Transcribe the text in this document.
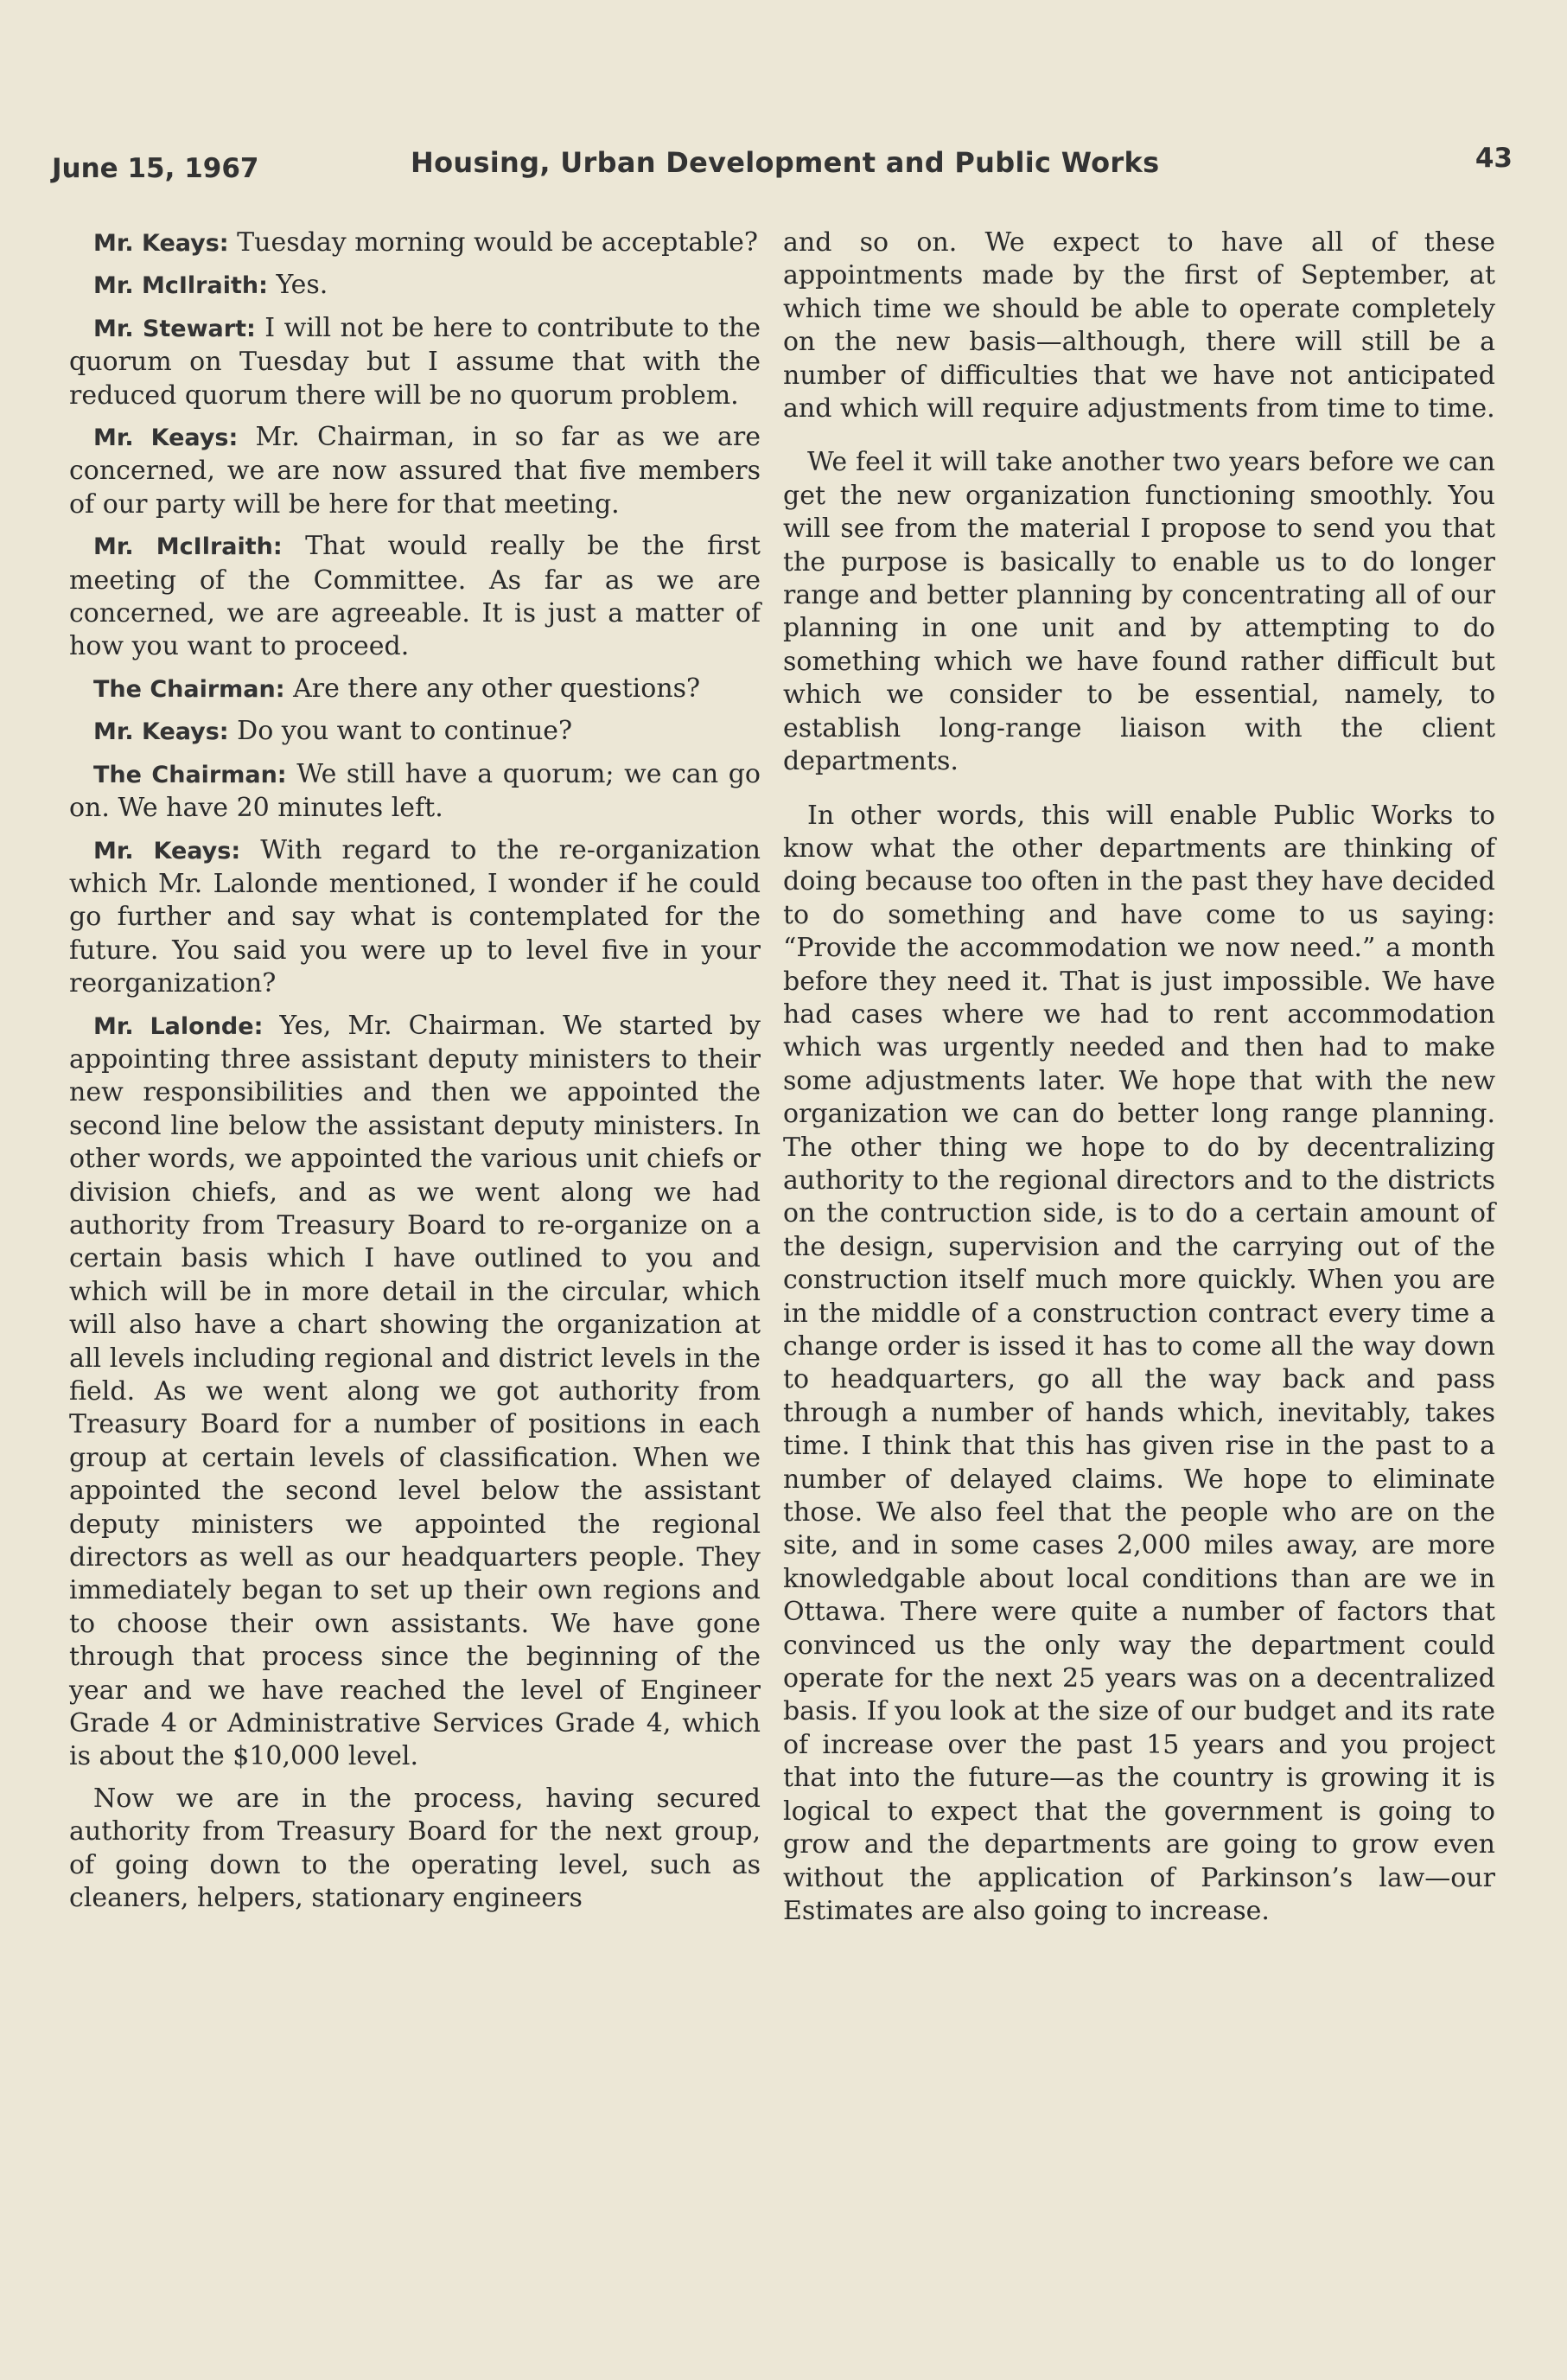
June 15, 1967	Housing, Urban Development and Public Works	43

Mr. Keays: Tuesday morning would be acceptable?

Mr. McIlraith: Yes.

Mr. Stewart: I will not be here to contribute to the quorum on Tuesday but I assume that with the reduced quorum there will be no quorum problem.

Mr. Keays: Mr. Chairman, in so far as we are concerned, we are now assured that five members of our party will be here for that meeting.

Mr. McIlraith: That would really be the first meeting of the Committee. As far as we are concerned, we are agreeable. It is just a matter of how you want to proceed.

The Chairman: Are there any other questions?

Mr. Keays: Do you want to continue?

The Chairman: We still have a quorum; we can go on. We have 20 minutes left.

Mr. Keays: With regard to the re-organization which Mr. Lalonde mentioned, I wonder if he could go further and say what is contemplated for the future. You said you were up to level five in your reorganization?

Mr. Lalonde: Yes, Mr. Chairman. We started by appointing three assistant deputy ministers to their new responsibilities and then we appointed the second line below the assistant deputy ministers. In other words, we appointed the various unit chiefs or division chiefs, and as we went along we had authority from Treasury Board to re-organize on a certain basis which I have outlined to you and which will be in more detail in the circular, which will also have a chart showing the organization at all levels including regional and district levels in the field. As we went along we got authority from Treasury Board for a number of positions in each group at certain levels of classification. When we appointed the second level below the assistant deputy ministers we appointed the regional directors as well as our headquarters people. They immediately began to set up their own regions and to choose their own assistants. We have gone through that process since the beginning of the year and we have reached the level of Engineer Grade 4 or Administrative Services Grade 4, which is about the $10,000 level.

Now we are in the process, having secured authority from Treasury Board for the next group, of going down to the operating level, such as cleaners, helpers, stationary engineers

and so on. We expect to have all of these appointments made by the first of September, at which time we should be able to operate completely on the new basis—although, there will still be a number of difficulties that we have not anticipated and which will require adjustments from time to time.

We feel it will take another two years before we can get the new organization functioning smoothly. You will see from the material I propose to send you that the purpose is basically to enable us to do longer range and better planning by concentrating all of our planning in one unit and by attempting to do something which we have found rather difficult but which we consider to be essential, namely, to establish long-range liaison with the client departments.

In other words, this will enable Public Works to know what the other departments are thinking of doing because too often in the past they have decided to do something and have come to us saying: “Provide the accommodation we now need.” a month before they need it. That is just impossible. We have had cases where we had to rent accommodation which was urgently needed and then had to make some adjustments later. We hope that with the new organization we can do better long range planning. The other thing we hope to do by decentralizing authority to the regional directors and to the districts on the contruction side, is to do a certain amount of the design, supervision and the carrying out of the construction itself much more quickly. When you are in the middle of a construction contract every time a change order is issed it has to come all the way down to headquarters, go all the way back and pass through a number of hands which, inevitably, takes time. I think that this has given rise in the past to a number of delayed claims. We hope to eliminate those. We also feel that the people who are on the site, and in some cases 2,000 miles away, are more knowledgable about local conditions than are we in Ottawa. There were quite a number of factors that convinced us the only way the department could operate for the next 25 years was on a decentralized basis. If you look at the size of our budget and its rate of increase over the past 15 years and you project that into the future—as the country is growing it is logical to expect that the government is going to grow and the departments are going to grow even without the application of Parkinson’s law—our Estimates are also going to increase.
